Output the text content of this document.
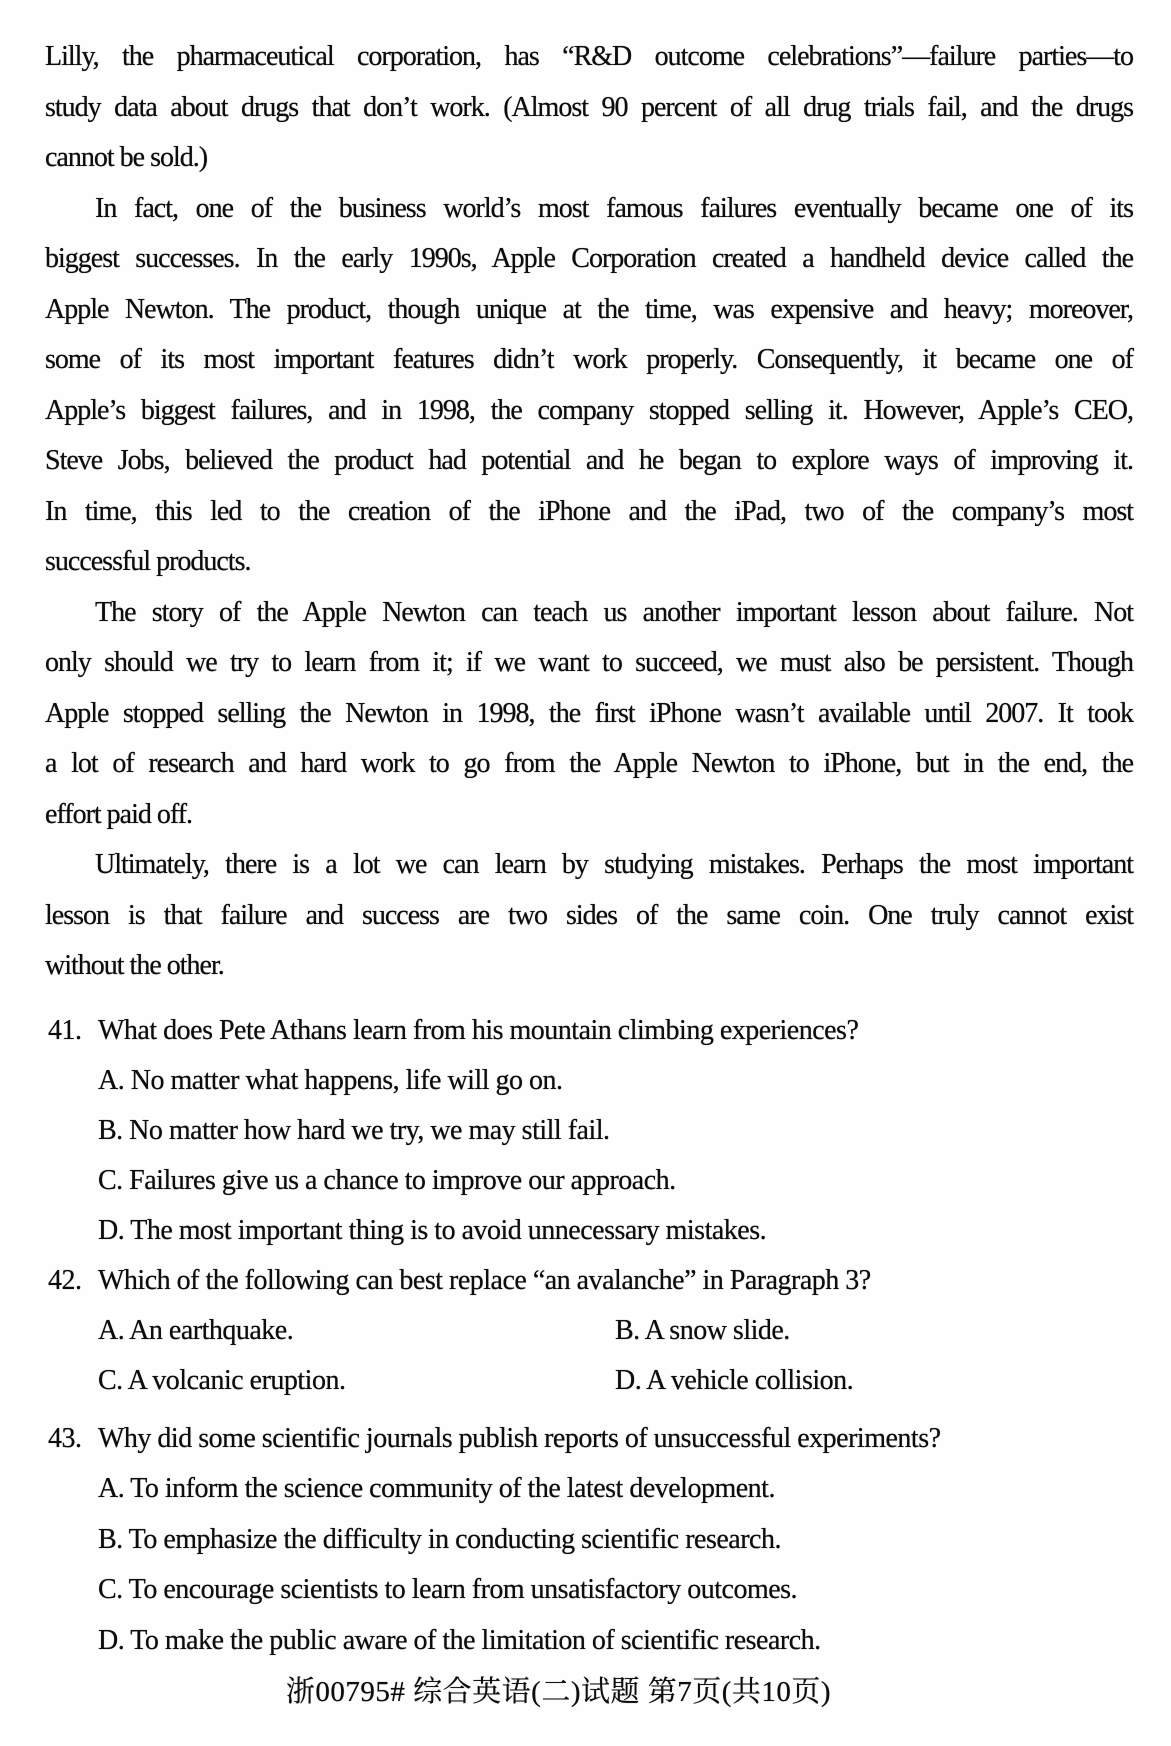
Lilly, the pharmaceutical corporation, has “R&D outcome celebrations”—failure parties—to
study data about drugs that don’t work. (Almost 90 percent of all drug trials fail, and the drugs
cannot be sold.)
In fact, one of the business world’s most famous failures eventually became one of its
biggest successes. In the early 1990s, Apple Corporation created a handheld device called the
Apple Newton. The product, though unique at the time, was expensive and heavy; moreover,
some of its most important features didn’t work properly. Consequently, it became one of
Apple’s biggest failures, and in 1998, the company stopped selling it. However, Apple’s CEO,
Steve Jobs, believed the product had potential and he began to explore ways of improving it.
In time, this led to the creation of the iPhone and the iPad, two of the company’s most
successful products.
The story of the Apple Newton can teach us another important lesson about failure. Not
only should we try to learn from it; if we want to succeed, we must also be persistent. Though
Apple stopped selling the Newton in 1998, the first iPhone wasn’t available until 2007. It took
a lot of research and hard work to go from the Apple Newton to iPhone, but in the end, the
effort paid off.
Ultimately, there is a lot we can learn by studying mistakes. Perhaps the most important
lesson is that failure and success are two sides of the same coin. One truly cannot exist
without the other.
41. What does Pete Athans learn from his mountain climbing experiences?
A. No matter what happens, life will go on.
B. No matter how hard we try, we may still fail.
C. Failures give us a chance to improve our approach.
D. The most important thing is to avoid unnecessary mistakes.
42. Which of the following can best replace “an avalanche” in Paragraph 3?
A. An earthquake.	B. A snow slide.
C. A volcanic eruption.	D. A vehicle collision.
43. Why did some scientific journals publish reports of unsuccessful experiments?
A. To inform the science community of the latest development.
B. To emphasize the difficulty in conducting scientific research.
C. To encourage scientists to learn from unsatisfactory outcomes.
D. To make the public aware of the limitation of scientific research.
浙00795# 综合英语(二)试题 第7页(共10页)
